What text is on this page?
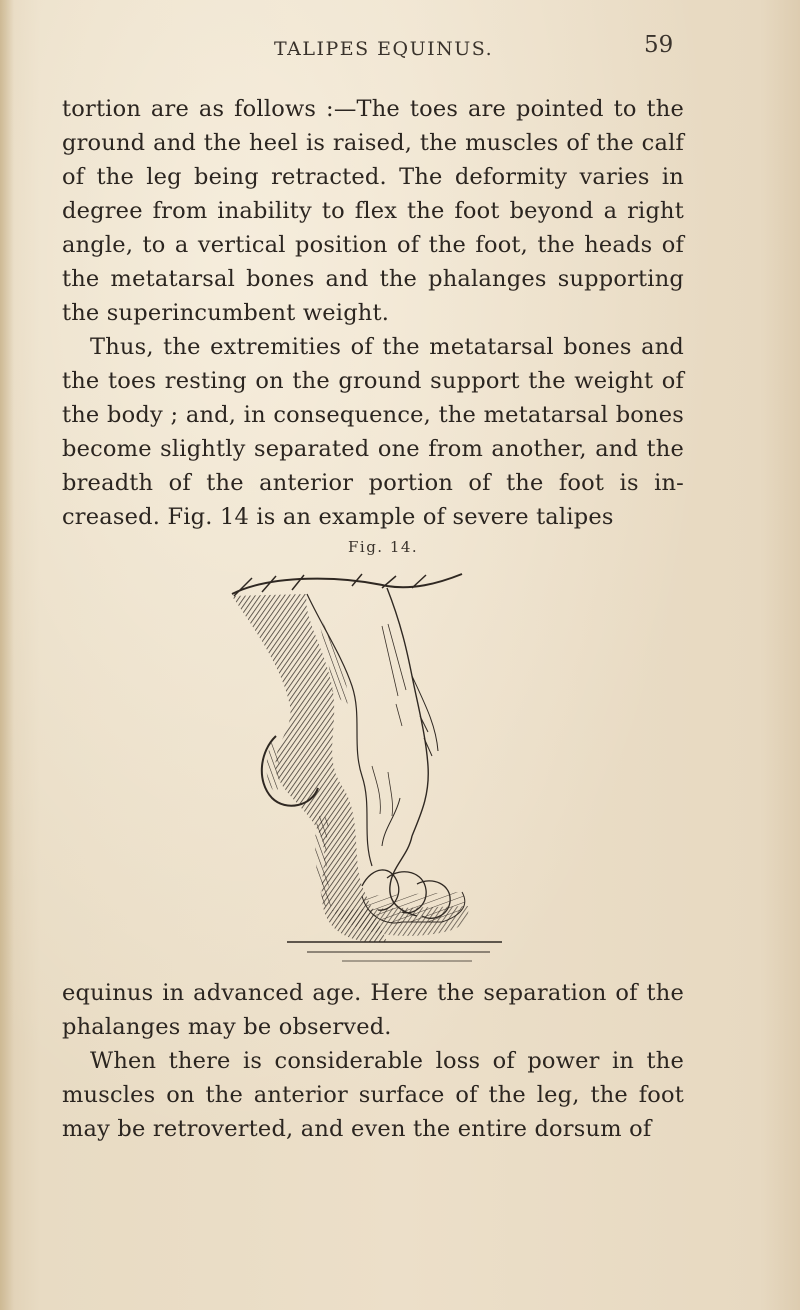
TALIPES EQUINUS.	59

tortion are as follows :—The toes are pointed to the ground and the heel is raised, the muscles of the calf of the leg being retracted. The deformity varies in degree from inability to flex the foot beyond a right angle, to a vertical position of the foot, the heads of the metatarsal bones and the phalanges supporting the superincumbent weight.

Thus, the extremities of the metatarsal bones and the toes resting on the ground support the weight of the body ; and, in consequence, the metatarsal bones become slightly separated one from another, and the breadth of the anterior portion of the foot is in- creased. Fig. 14 is an example of severe talipes

Fig. 14.

equinus in advanced age. Here the separation of the phalanges may be observed.

When there is considerable loss of power in the muscles on the anterior surface of the leg, the foot may be retroverted, and even the entire dorsum of
